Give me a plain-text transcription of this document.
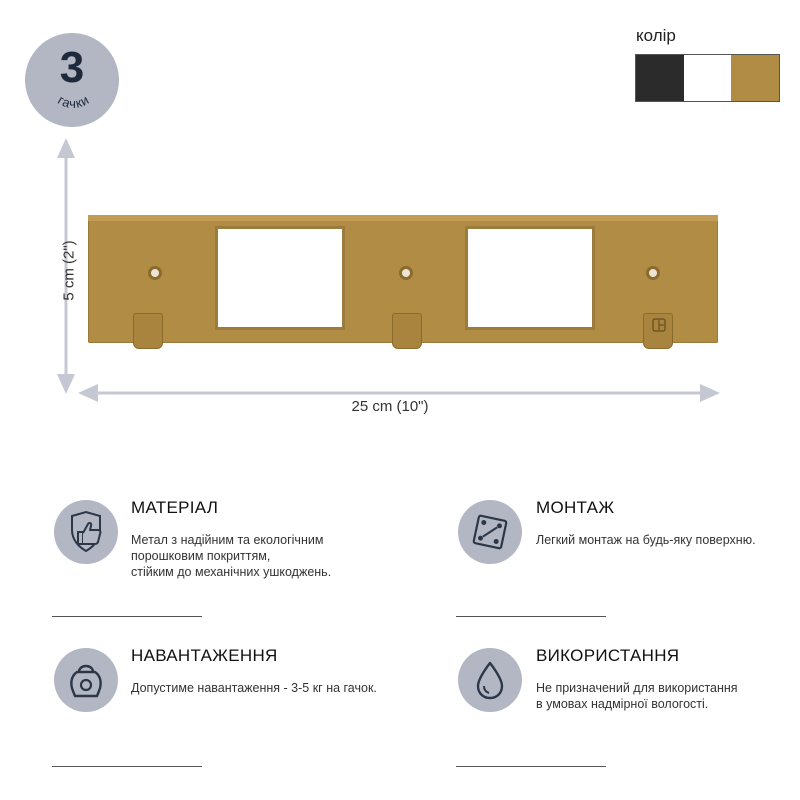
3
гачки
колір
5 cm (2")
25 cm (10")
МАТЕРІАЛ
Метал з надійним та екологічним
порошковим покриттям,
стійким до механічних ушкоджень.
МОНТАЖ
Легкий монтаж на будь-яку поверхню.
НАВАНТАЖЕННЯ
Допустиме навантаження - 3-5 кг на гачок.
ВИКОРИСТАННЯ
Не призначений для використання
в умовах надмірної вологості.
